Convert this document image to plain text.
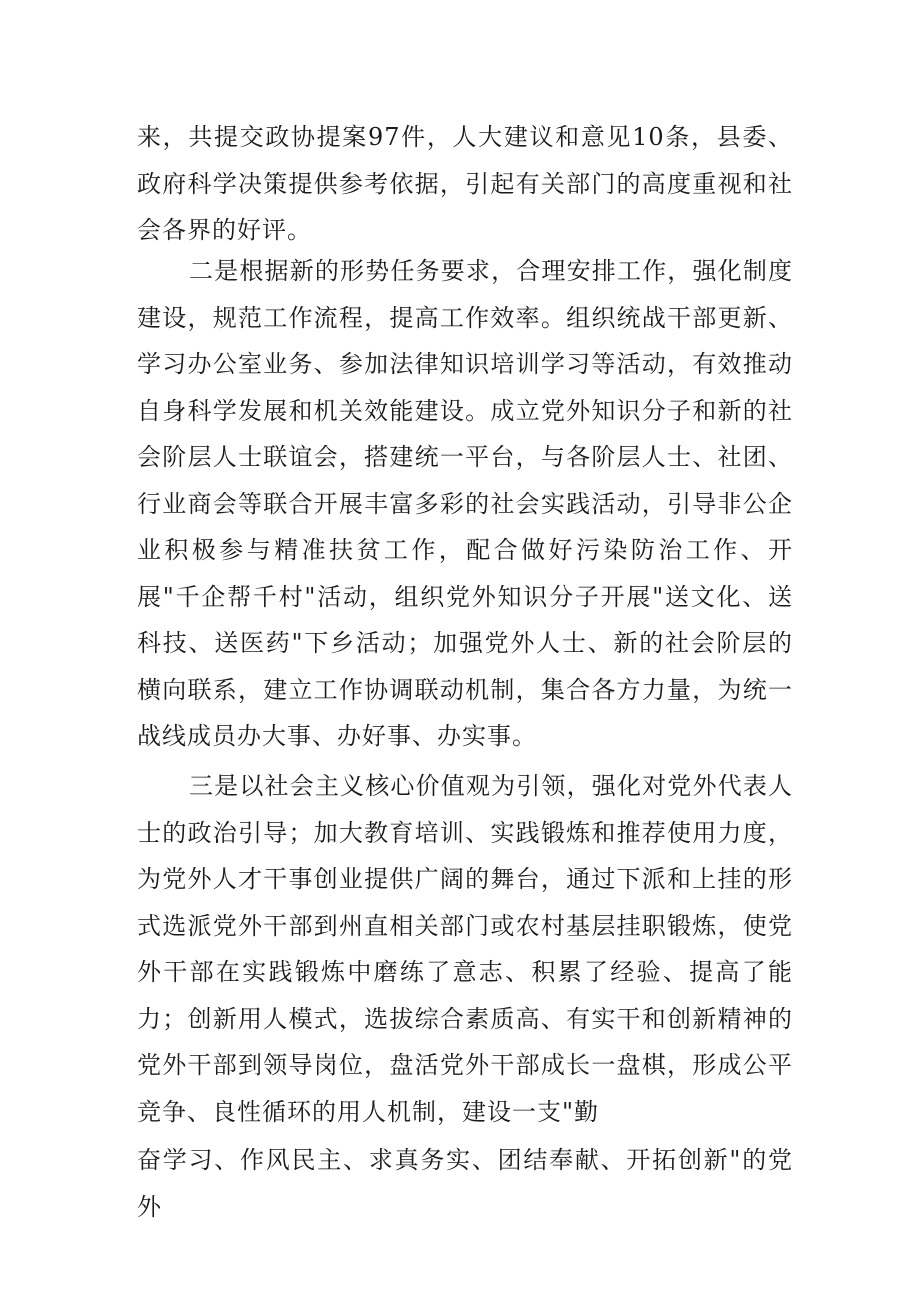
来，共提交政协提案97件，人大建议和意见10条，县委、政府科学决策提供参考依据，引起有关部门的高度重视和社会各界的好评。

二是根据新的形势任务要求，合理安排工作，强化制度建设，规范工作流程，提高工作效率。组织统战干部更新、学习办公室业务、参加法律知识培训学习等活动，有效推动自身科学发展和机关效能建设。成立党外知识分子和新的社会阶层人士联谊会，搭建统一平台，与各阶层人士、社团、行业商会等联合开展丰富多彩的社会实践活动，引导非公企业积极参与精准扶贫工作，配合做好污染防治工作、开展"千企帮千村"活动，组织党外知识分子开展"送文化、送科技、送医药"下乡活动；加强党外人士、新的社会阶层的横向联系，建立工作协调联动机制，集合各方力量，为统一战线成员办大事、办好事、办实事。

三是以社会主义核心价值观为引领，强化对党外代表人士的政治引导；加大教育培训、实践锻炼和推荐使用力度，为党外人才干事创业提供广阔的舞台，通过下派和上挂的形式选派党外干部到州直相关部门或农村基层挂职锻炼，使党外干部在实践锻炼中磨练了意志、积累了经验、提高了能力；创新用人模式，选拔综合素质高、有实干和创新精神的党外干部到领导岗位，盘活党外干部成长一盘棋，形成公平竞争、良性循环的用人机制，建设一支"勤

奋学习、作风民主、求真务实、团结奉献、开拓创新"的党外
